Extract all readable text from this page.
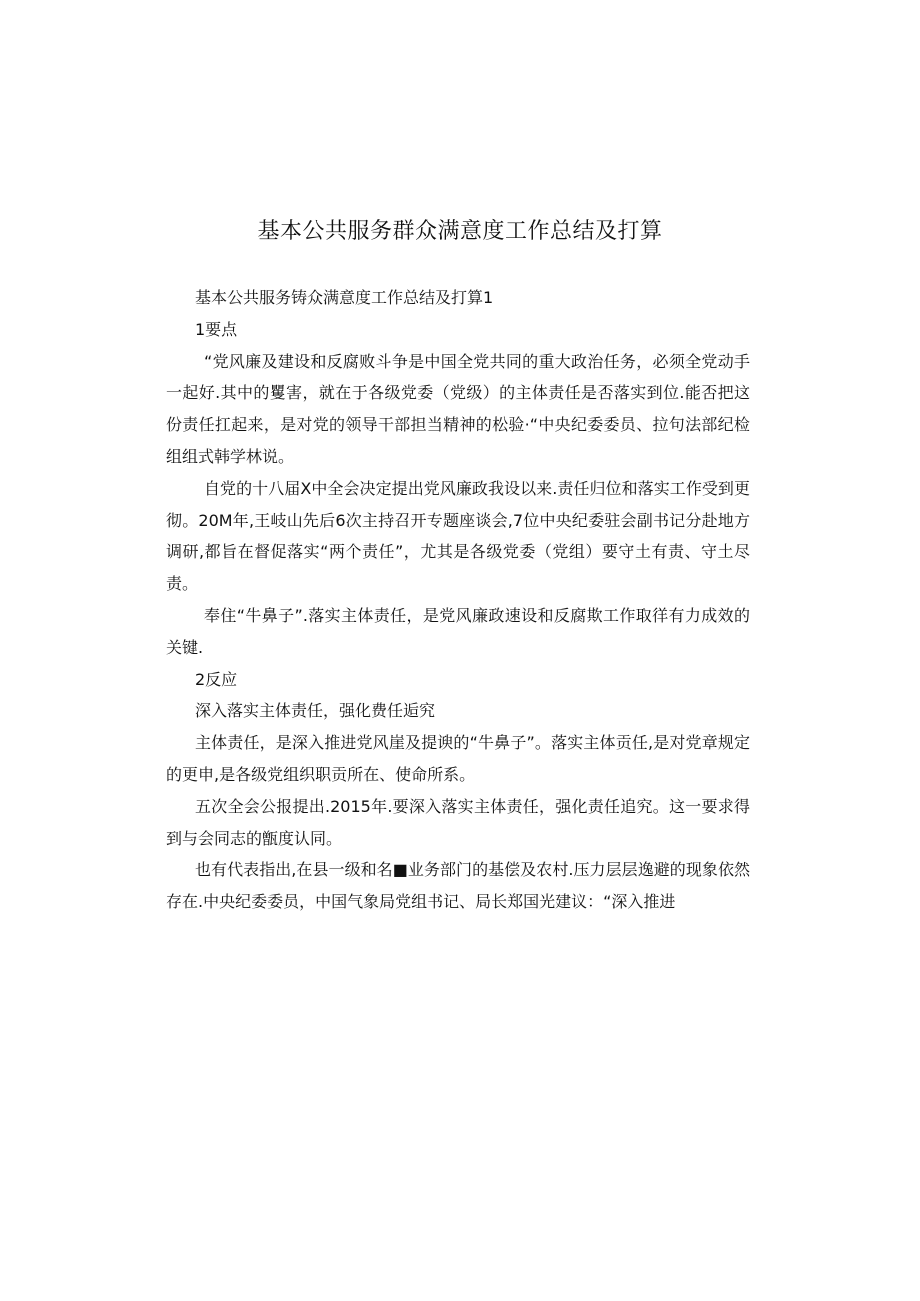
基本公共服务群众满意度工作总结及打算

基本公共服务铸众满意度工作总结及打算1

1要点

“党风廉及建设和反腐败斗争是中国全党共同的重大政治任务，必须全党动手一起好.其中的矍害，就在于各级党委（党级）的主体责任是否落实到位.能否把这份责任扛起来，是对党的领导干部担当精神的松验·“中央纪委委员、拉句法部纪检组组式韩学林说。

自党的十八届X中全会决定提出党风廉政我设以来.责任归位和落实工作受到更彻。20M年,王岐山先后6次主持召开专题座谈会,7位中央纪委驻会副书记分赴地方调研,都旨在督促落实“两个责任”，尤其是各级党委（党组）要守土有责、守土尽责。

奉住“牛鼻子”.落实主体责任，是党风廉政速设和反腐欺工作取徉有力成效的关键.

2反应

深入落实主体责任，强化费任逅究

主体责任，是深入推进党风崖及提谀的“牛鼻子”。落实主体贡任,是对党章规定的更申,是各级党组织职贡所在、使命所系。

五次全会公报提出.2015年.要深入落实主体责任，强化责任追究。这一要求得到与会同志的甑度认同。

也有代表指出,在县一级和名■业务部门的基偿及农村.压力层层逸避的现象依然存在.中央纪委委员，中国气象局党组书记、局长郑国光建议：“深入推进
